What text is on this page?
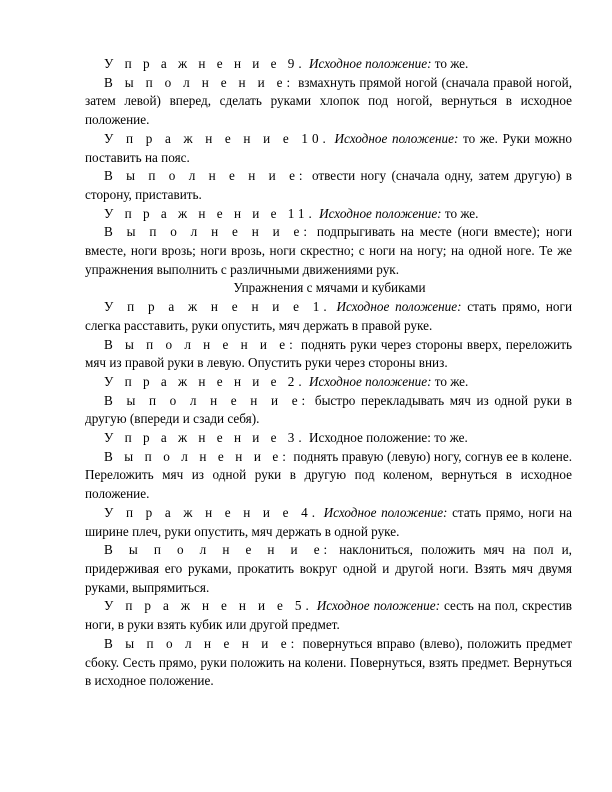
У п р а ж н е н и е 9. Исходное положение: то же.

В ы п о л н е н и е: взмахнуть прямой ногой (сначала правой ногой, затем левой) вперед, сделать руками хлопок под ногой, вернуться в исходное положение.

У п р а ж н е н и е 10. Исходное положение: то же. Руки можно поставить на пояс.

В ы п о л н е н и е: отвести ногу (сначала одну, затем другую) в сторону, приставить.

У п р а ж н е н и е 11. Исходное положение: то же.

В ы п о л н е н и е: подпрыгивать на месте (ноги вместе); ноги вместе, ноги врозь; ноги врозь, ноги скрестно; с ноги на ногу; на одной ноге. Те же упражнения выполнить с различными движениями рук.

Упражнения с мячами и кубиками

У п р а ж н е н и е 1. Исходное положение: стать прямо, ноги слегка расставить, руки опустить, мяч держать в правой руке.

В ы п о л н е н и е: поднять руки через стороны вверх, переложить мяч из правой руки в левую. Опустить руки через стороны вниз.

У п р а ж н е н и е 2. Исходное положение: то же.

В ы п о л н е н и е: быстро перекладывать мяч из одной руки в другую (впереди и сзади себя).

У п р а ж н е н и е 3. Исходное положение: то же.

В ы п о л н е н и е: поднять правую (левую) ногу, согнув ее в колене. Переложить мяч из одной руки в другую под коленом, вернуться в исходное положение.

У п р а ж н е н и е 4. Исходное положение: стать прямо, ноги на ширине плеч, руки опустить, мяч держать в одной руке.

В ы п о л н е н и е: наклониться, положить мяч на пол и, придерживая его руками, прокатить вокруг одной и другой ноги. Взять мяч двумя руками, выпрямиться.

У п р а ж н е н и е 5. Исходное положение: сесть на пол, скрестив ноги, в руки взять кубик или другой предмет.

В ы п о л н е н и е: повернуться вправо (влево), положить предмет сбоку. Сесть прямо, руки положить на колени. Повернуться, взять предмет. Вернуться в исходное положение.
